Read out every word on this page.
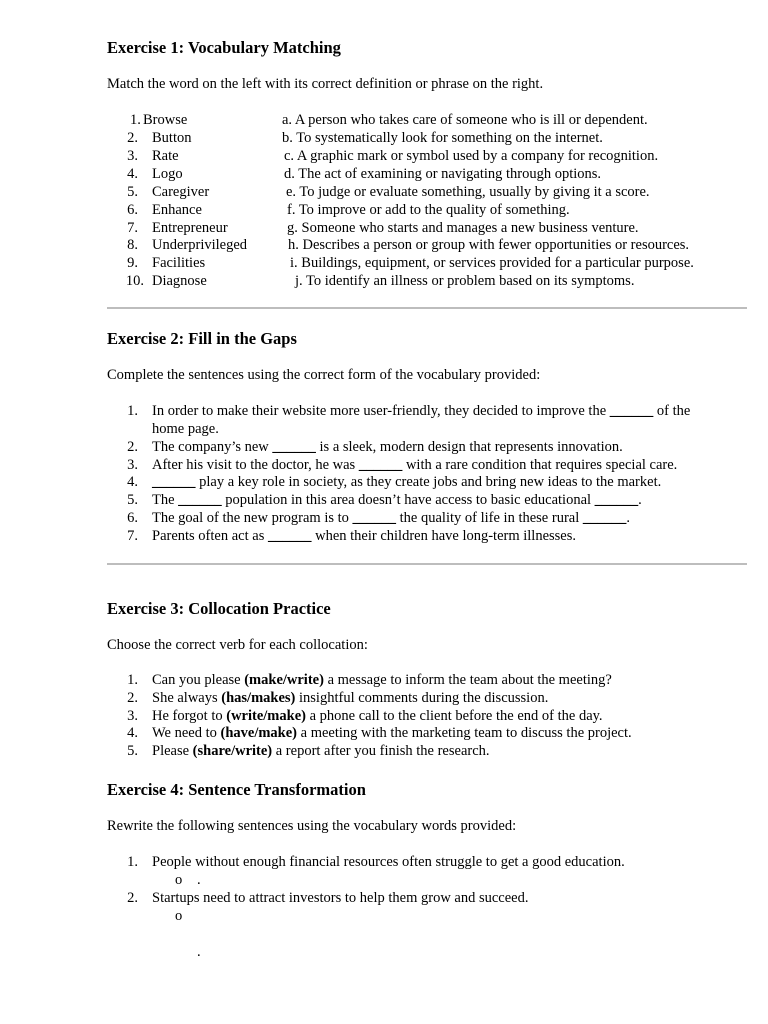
Exercise 1: Vocabulary Matching
Match the word on the left with its correct definition or phrase on the right.
1. Browse
2. Button
3. Rate
4. Logo
5. Caregiver
6. Enhance
7. Entrepreneur
8. Underprivileged
9. Facilities
10. Diagnose
a. A person who takes care of someone who is ill or dependent.
b. To systematically look for something on the internet.
c. A graphic mark or symbol used by a company for recognition.
d. The act of examining or navigating through options.
e. To judge or evaluate something, usually by giving it a score.
f. To improve or add to the quality of something.
g. Someone who starts and manages a new business venture.
h. Describes a person or group with fewer opportunities or resources.
i. Buildings, equipment, or services provided for a particular purpose.
j. To identify an illness or problem based on its symptoms.
Exercise 2: Fill in the Gaps
Complete the sentences using the correct form of the vocabulary provided:
1. In order to make their website more user-friendly, they decided to improve the ______ of the
home page.
2. The company’s new ______ is a sleek, modern design that represents innovation.
3. After his visit to the doctor, he was ______ with a rare condition that requires special care.
4. ______ play a key role in society, as they create jobs and bring new ideas to the market.
5. The ______ population in this area doesn’t have access to basic educational ______.
6. The goal of the new program is to ______ the quality of life in these rural ______.
7. Parents often act as ______ when their children have long-term illnesses.
Exercise 3: Collocation Practice
Choose the correct verb for each collocation:
1. Can you please (make/write) a message to inform the team about the meeting?
2. She always (has/makes) insightful comments during the discussion.
3. He forgot to (write/make) a phone call to the client before the end of the day.
4. We need to (have/make) a meeting with the marketing team to discuss the project.
5. Please (share/write) a report after you finish the research.
Exercise 4: Sentence Transformation
Rewrite the following sentences using the vocabulary words provided:
1. People without enough financial resources often struggle to get a good education.
o .
2. Startups need to attract investors to help them grow and succeed.
o
.
